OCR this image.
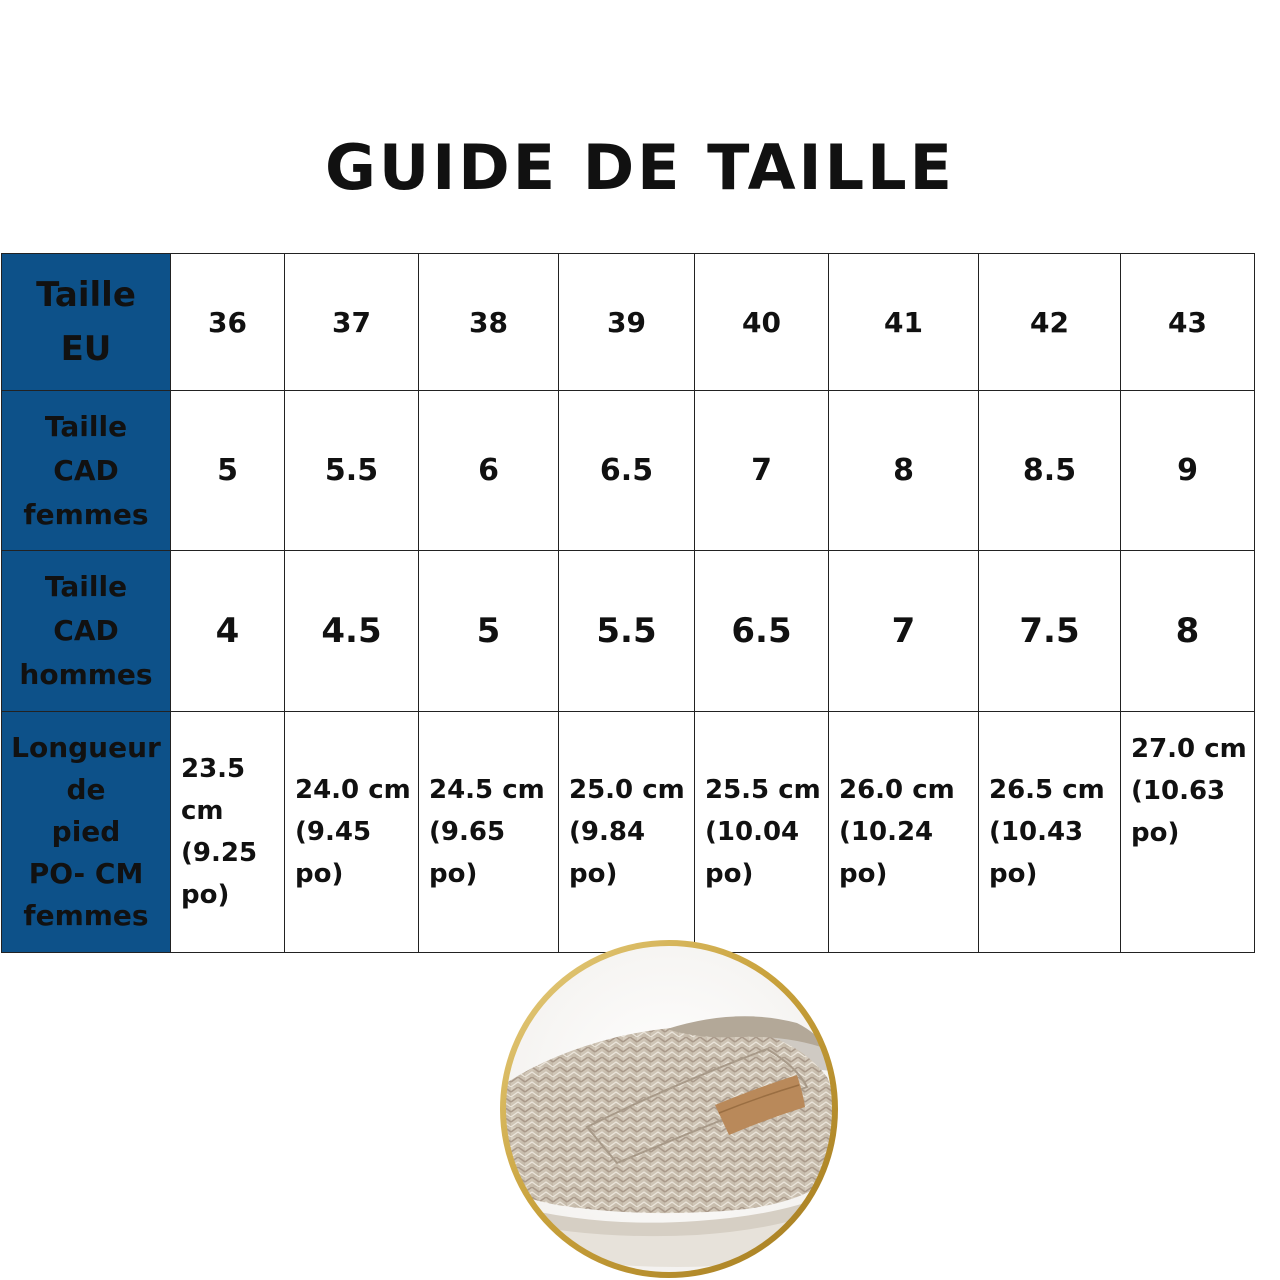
GUIDE DE TAILLE
Taille
EU	36	37	38	39	40	41	42	43

Taille
CAD
femmes	5	5.5	6	6.5	7	8	8.5	9

Taille
CAD
hommes	4	4.5	5	5.5	6.5	7	7.5	8

Longueur
de
pied
PO- CM
femmes	23.5
cm
(9.25
po)	24.0 cm
(9.45
po)	24.5 cm
(9.65
po)	25.0 cm
(9.84
po)	25.5 cm
(10.04
po)	26.0 cm
(10.24
po)	26.5 cm
(10.43
po)	27.0 cm
(10.63
po)
